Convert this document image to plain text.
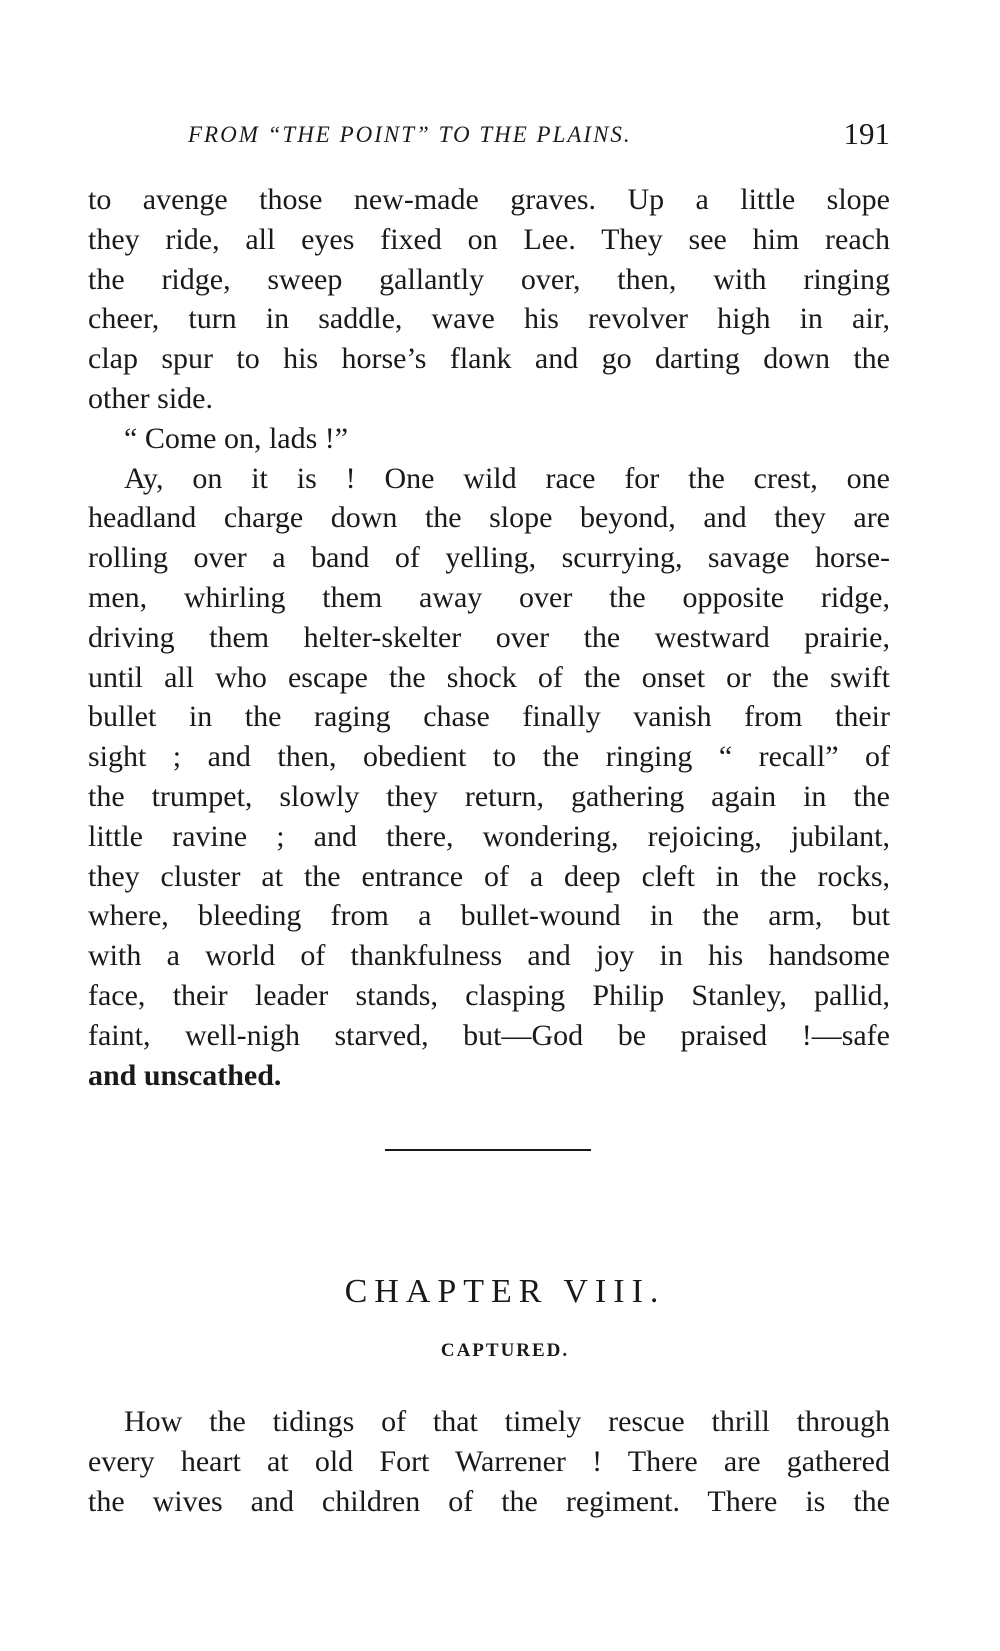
FROM “THE POINT” TO THE PLAINS.	191
to avenge those new-made graves. Up a little slope
they ride, all eyes fixed on Lee. They see him reach
the ridge, sweep gallantly over, then, with ringing
cheer, turn in saddle, wave his revolver high in air,
clap spur to his horse’s flank and go darting down the
other side.
“ Come on, lads !”
Ay, on it is ! One wild race for the crest, one
headland charge down the slope beyond, and they are
rolling over a band of yelling, scurrying, savage horse-
men, whirling them away over the opposite ridge,
driving them helter-skelter over the westward prairie,
until all who escape the shock of the onset or the swift
bullet in the raging chase finally vanish from their
sight ; and then, obedient to the ringing “ recall” of
the trumpet, slowly they return, gathering again in the
little ravine ; and there, wondering, rejoicing, jubilant,
they cluster at the entrance of a deep cleft in the rocks,
where, bleeding from a bullet-wound in the arm, but
with a world of thankfulness and joy in his handsome
face, their leader stands, clasping Philip Stanley, pallid,
faint, well-nigh starved, but—God be praised !—safe
and unscathed.
CHAPTER VIII.
CAPTURED.
How the tidings of that timely rescue thrill through
every heart at old Fort Warrener ! There are gathered
the wives and children of the regiment. There is the
